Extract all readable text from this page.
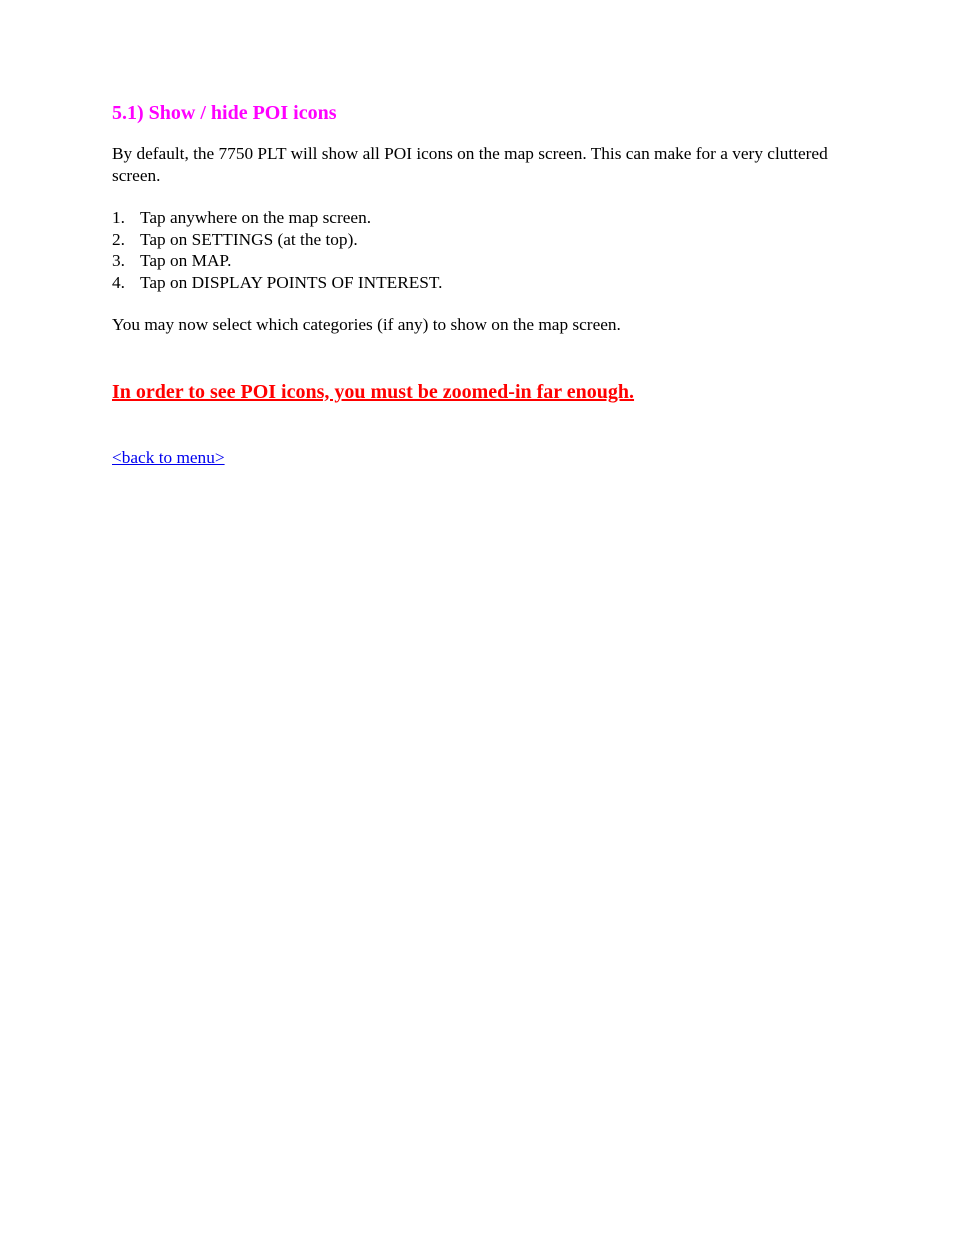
5.1) Show / hide POI icons

By default, the 7750 PLT will show all POI icons on the map screen. This can make for a very cluttered screen.

1. Tap anywhere on the map screen.
2. Tap on SETTINGS (at the top).
3. Tap on MAP.
4. Tap on DISPLAY POINTS OF INTEREST.

You may now select which categories (if any) to show on the map screen.

In order to see POI icons, you must be zoomed-in far enough.
<back to menu>
